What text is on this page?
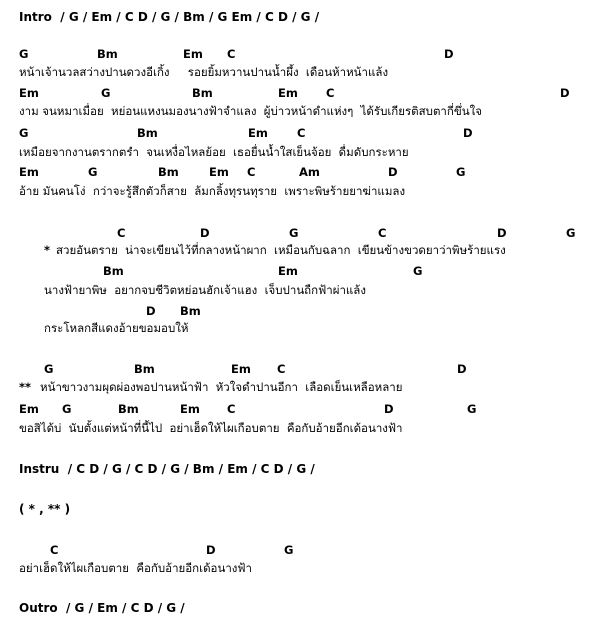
Intro  / G / Em / C D / G / Bm / G Em / C D / G /
G	Bm	Em C	D
หน้าเจ้านวลสว่างปานดวงอีเกิ้ง     รอยยิ้มหวานปานน้ำผึ้ง  เดือนห้าหน้าแล้ง
Em	G	Bm	Em C	D
งาม จนหมาเมื่อย  หย่อนแหงนมองนางฟ้าจำแลง  ผู้บ่าวหน้าดำแห่งๆ  ได้รับเกียรติสบตากี่ขึ่นใจ
G	Bm	Em	C	D
เหมือยจากงานตรากตรำ  จนเหงื่อไหลย้อย  เธอยื่นน้ำใสเย็นจ้อย  ดื่มดับกระหาย
Em	G	Bm	Em C	Am	D	G
อ้าย มันคนโง่  กว่าจะรู้สึกตัวก็สาย  ล้มกลิ้งทุรนทุราย  เพราะพิษร้ายยาฆ่าแมลง
C	D	G	C	D	G
* สวยอันตราย  น่าจะเขียนไว้ที่กลางหน้าผาก  เหมือนกับฉลาก  เขียนข้างขวดยาว่าพิษร้ายแรง
Bm	Em	G
นางฟ้ายาพิษ  อยากจบชีวิตหย่อนฮักเจ้าแฮง  เจ็บปานถืกฟ้าผ่าแล้ง
D Bm
กระโหลกสีแดงอ้ายขอมอบให้
G	Bm	Em C	D
** หน้าขาวงามผุดผ่องพอปานหน้าฟ้า  หัวใจดำปานอีกา  เลือดเย็นเหลือหลาย
Em G	Bm	Em C	D	G
ขอสิได้บ่  นับตั้งแต่หน้าที่นี้ไป  อย่าเฮ็ดให้ไผเกือบตาย  คือกับอ้ายอีกเด้อนางฟ้า
Instru  / C D / G / C D / G / Bm / Em / C D / G /
( * , ** )
C	D	G
อย่าเฮ็ดให้ไผเกือบตาย  คือกับอ้ายอีกเด้อนางฟ้า
Outro  / G / Em / C D / G /
